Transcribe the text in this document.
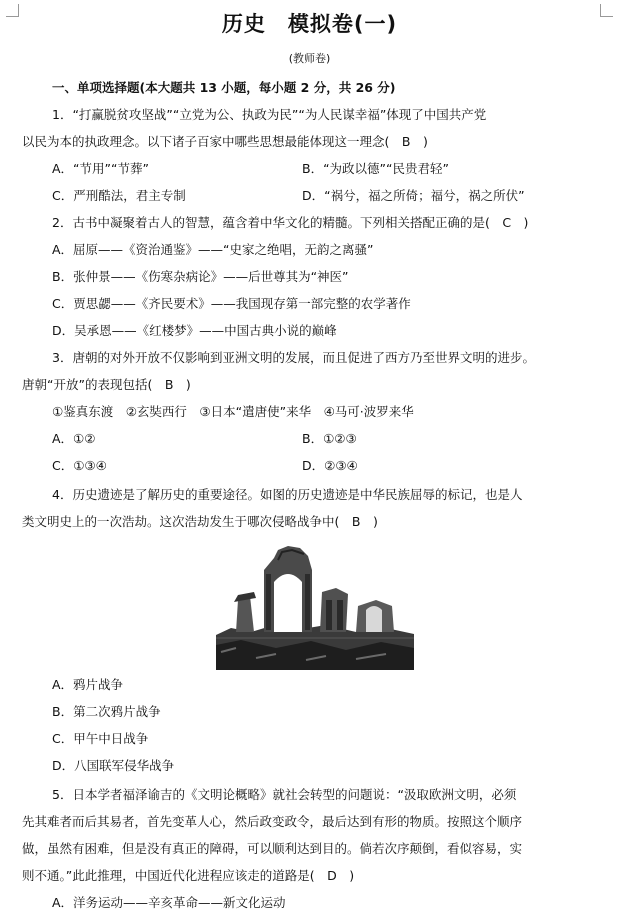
历史　模拟卷(一)
(教师卷)
一、单项选择题(本大题共 13 小题，每小题 2 分，共 26 分)
1．“打赢脱贫攻坚战”“立党为公、执政为民”“为人民谋幸福”体现了中国共产党
以民为本的执政理念。以下诸子百家中哪些思想最能体现这一理念(　B　)
A．“节用”“节葬”	B．“为政以德”“民贵君轻”
C．严刑酷法，君主专制	D．“祸兮，福之所倚；福兮，祸之所伏”
2．古书中凝聚着古人的智慧，蕴含着中华文化的精髓。下列相关搭配正确的是(　C　)
A．屈原——《资治通鉴》——“史家之绝唱，无韵之离骚”
B．张仲景——《伤寒杂病论》——后世尊其为“神医”
C．贾思勰——《齐民要术》——我国现存第一部完整的农学著作
D．吴承恩——《红楼梦》——中国古典小说的巅峰
3．唐朝的对外开放不仅影响到亚洲文明的发展，而且促进了西方乃至世界文明的进步。
唐朝“开放”的表现包括(　B　)
①鉴真东渡　②玄奘西行　③日本“遣唐使”来华　④马可·波罗来华
A．①②	B．①②③
C．①③④	D．②③④
4．历史遗迹是了解历史的重要途径。如图的历史遗迹是中华民族屈辱的标记，也是人
类文明史上的一次浩劫。这次浩劫发生于哪次侵略战争中(　B　)
A．鸦片战争
B．第二次鸦片战争
C．甲午中日战争
D．八国联军侵华战争
5．日本学者福泽谕吉的《文明论概略》就社会转型的问题说：“汲取欧洲文明，必须
先其难者而后其易者，首先变革人心，然后政变政令，最后达到有形的物质。按照这个顺序
做，虽然有困难，但是没有真正的障碍，可以顺利达到目的。倘若次序颠倒，看似容易，实
则不通。”此此推理，中国近代化进程应该走的道路是(　D　)
A．洋务运动——辛亥革命——新文化运动
